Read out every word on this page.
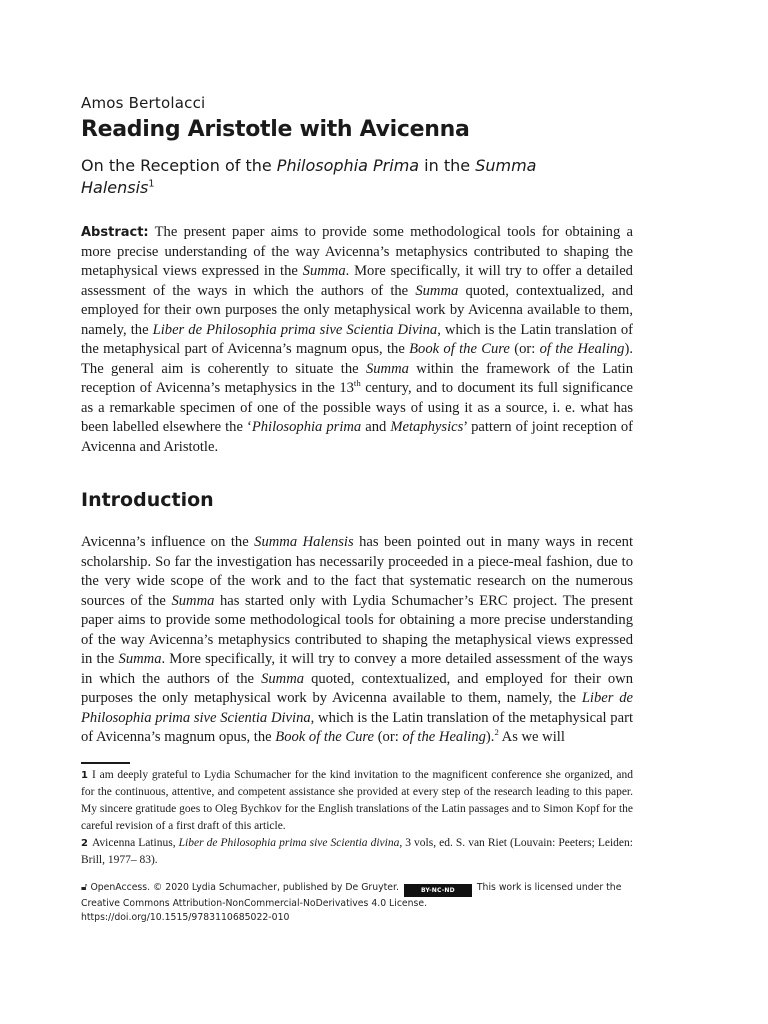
Amos Bertolacci

Reading Aristotle with Avicenna

On the Reception of the Philosophia Prima in the Summa
Halensis$^1$

Abstract: The present paper aims to provide some methodological tools for obtaining a more precise understanding of the way Avicenna’s metaphysics contributed to shaping the metaphysical views expressed in the Summa. More specifically, it will try to offer a detailed assessment of the ways in which the authors of the Summa quoted, contextualized, and employed for their own purposes the only metaphysical work by Avicenna available to them, namely, the Liber de Philosophia prima sive Scientia Divina, which is the Latin translation of the metaphysical part of Avicenna’s magnum opus, the Book of the Cure (or: of the Healing). The general aim is coherently to situate the Summa within the framework of the Latin reception of Avicenna’s metaphysics in the 13th century, and to document its full significance as a remarkable specimen of one of the possible ways of using it as a source, i. e. what has been labelled elsewhere the ‘Philosophia prima and Metaphysics’ pattern of joint reception of Avicenna and Aristotle.

Introduction

Avicenna’s influence on the Summa Halensis has been pointed out in many ways in recent scholarship. So far the investigation has necessarily proceeded in a piece-meal fashion, due to the very wide scope of the work and to the fact that systematic research on the numerous sources of the Summa has started only with Lydia Schumacher’s ERC project. The present paper aims to provide some methodological tools for obtaining a more precise understanding of the way Avicenna’s metaphysics contributed to shaping the metaphysical views expressed in the Summa. More specifically, it will try to convey a more detailed assessment of the ways in which the authors of the Summa quoted, contextualized, and employed for their own purposes the only metaphysical work by Avicenna available to them, namely, the Liber de Philosophia prima sive Scientia Divina, which is the Latin translation of the metaphysical part of Avicenna’s magnum opus, the Book of the Cure (or: of the Healing).$^2$ As we will

1 I am deeply grateful to Lydia Schumacher for the kind invitation to the magnificent conference she organized, and for the continuous, attentive, and competent assistance she provided at every step of the research leading to this paper. My sincere gratitude goes to Oleg Bychkov for the English translations of the Latin passages and to Simon Kopf for the careful revision of a first draft of this article.

2 Avicenna Latinus, Liber de Philosophia prima sive Scientia divina, 3 vols, ed. S. van Riet (Louvain: Peeters; Leiden: Brill, 1977– 83).

🔓︎ OpenAccess. © 2020 Lydia Schumacher, published by De Gruyter.	BY-NC-ND This work is licensed under the Creative Commons Attribution-NonCommercial-NoDerivatives 4.0 License.
https://doi.org/10.1515/9783110685022-010
